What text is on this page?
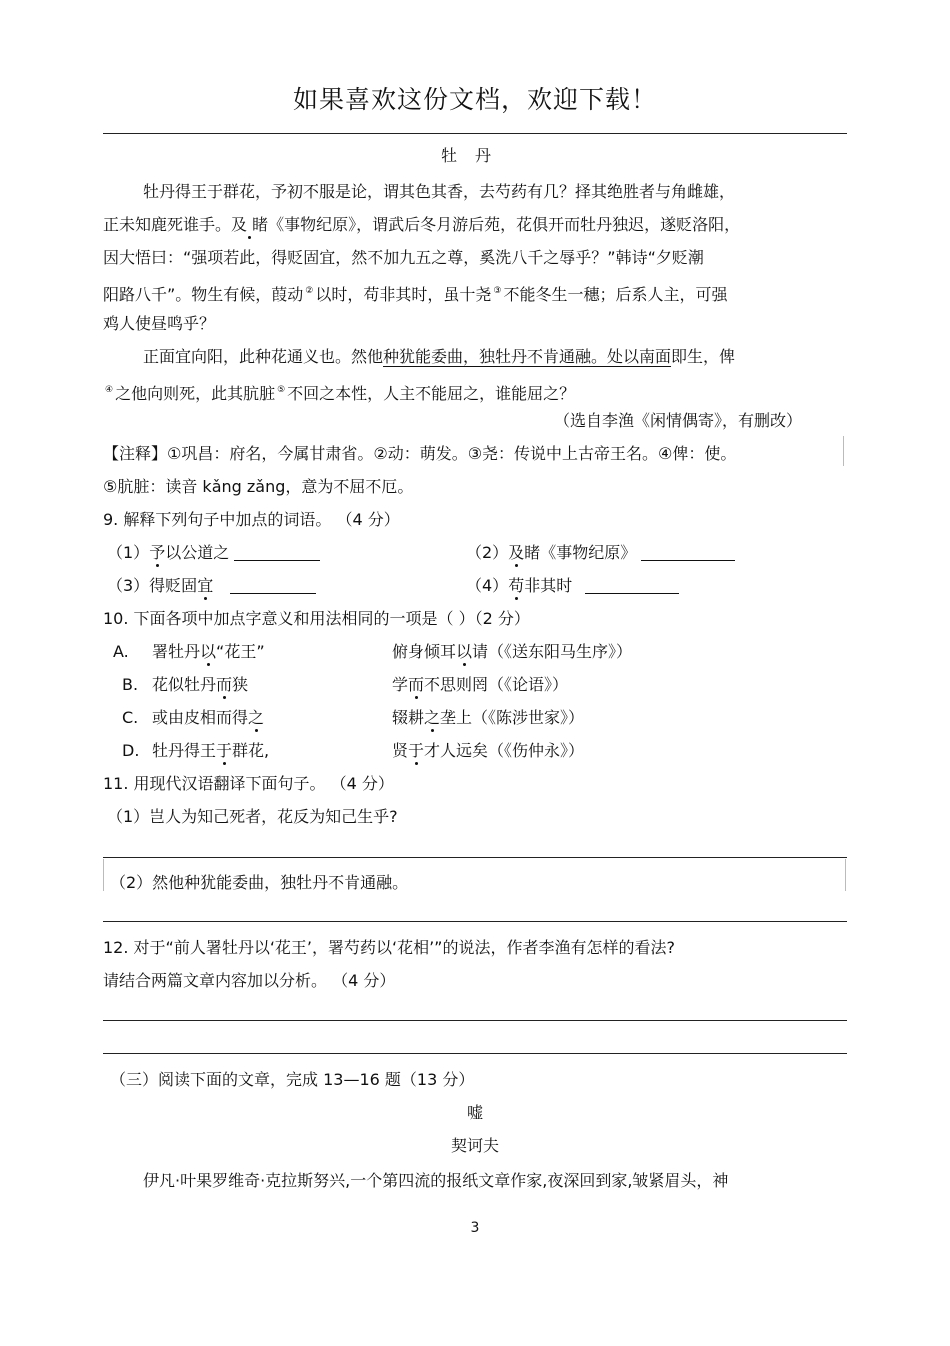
如果喜欢这份文档，欢迎下载！
牡丹
牡丹得王于群花，予初不服是论，谓其色其香，去芍药有几？择其绝胜者与角雌雄，
正未知鹿死谁手。及 睹《事物纪原》，谓武后冬月游后苑，花俱开而牡丹独迟，遂贬洛阳，
因大悟曰：“强项若此，得贬固宜，然不加九五之尊，奚洗八千之辱乎？”韩诗“夕贬潮
阳路八千”。物生有候，葭动 ② 以时，苟非其时，虽十尧 ③ 不能冬生一穗；后系人主，可强
鸡人使昼鸣乎？
正面宜向阳，此种花通义也。然他种犹能委曲，独牡丹不肯通融。处以南面即生，俾
④ 之他向则死，此其肮脏 ⑤ 不回之本性，人主不能屈之，谁能屈之？
（选自李渔《闲情偶寄》，有删改）
【注释】①巩昌：府名，今属甘肃省。②动：萌发。③尧：传说中上古帝王名。④俾：使。
⑤肮脏：读音 kǎng zǎng，意为不屈不厄。
9. 解释下列句子中加点的词语。 （4 分）
（1）予以公道之	（2）及睹《事物纪原》
（3）得贬固宜	（4）苟非其时
10. 下面各项中加点字意义和用法相同的一项是（ ）（2 分）
A. 署牡丹以“花王”	俯身倾耳以请（《送东阳马生序》）
B. 花似牡丹而狭	学而不思则罔（《论语》）
C. 或由皮相而得之	辍耕之垄上（《陈涉世家》）
D. 牡丹得王于群花,	贤于才人远矣（《伤仲永》）
11. 用现代汉语翻译下面句子。 （4 分）
（1）岂人为知己死者，花反为知己生乎?
（2）然他种犹能委曲，独牡丹不肯通融。
12. 对于“前人署牡丹以‘花王’，署芍药以‘花相’”的说法，作者李渔有怎样的看法?
请结合两篇文章内容加以分析。 （4 分）
（三）阅读下面的文章，完成 13—16 题（13 分）
嘘
契诃夫
伊凡·叶果罗维奇·克拉斯努兴,一个第四流的报纸文章作家,夜深回到家,皱紧眉头，神
3
